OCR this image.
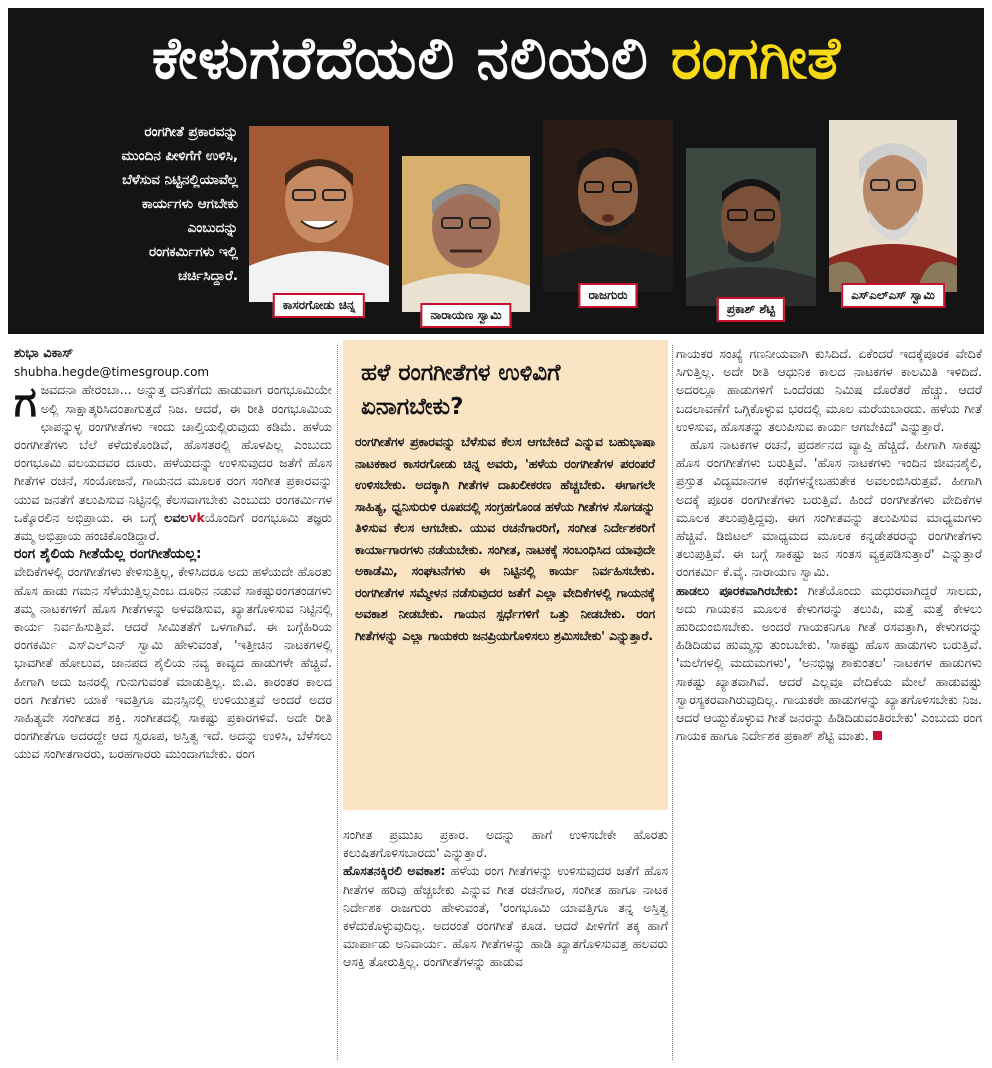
ಕೇಳುಗರೆದೆಯಲಿ ನಲಿಯಲಿ ರಂಗಗೀತೆ
ರಂಗಗೀತೆ ಪ್ರಕಾರವನ್ನು
ಮುಂದಿನ ಪೀಳಿಗೆಗೆ ಉಳಿಸಿ,
ಬೆಳೆಸುವ ನಿಟ್ಟಿನಲ್ಲಿಯಾವೆಲ್ಲ
ಕಾರ್ಯಗಳು ಆಗಬೇಕು
ಎಂಬುದನ್ನು
ರಂಗಕರ್ಮಿಗಳು ಇಲ್ಲಿ
ಚರ್ಚಿಸಿದ್ದಾರೆ.
ಕಾಸರಗೋಡು ಚಿನ್ನ
ನಾರಾಯಣ ಸ್ವಾಮಿ
ರಾಜಗುರು
ಪ್ರಕಾಶ್ ಶೆಟ್ಟಿ
ಎಸ್‌ಎಲ್‌ಎಸ್ ಸ್ವಾಮಿ

ಶುಭಾ ವಿಕಾಸ್

shubha.hegde@timesgroup.com

ಗಜವದನಾ ಹೇರಂಬಾ... ಅನ್ನುತ್ತ ದನಿತೆಗೆದು ಹಾಡುವಾಗ ರಂಗಭೂಮಿಯೇ ಅಲ್ಲಿ ಸಾಕ್ಷಾತ್ಕರಿಸಿದಂತಾಗುತ್ತದೆ ನಿಜ. ಆದರೆ, ಈ ರೀತಿ ರಂಗಭೂಮಿಯ ಛಾಪನ್ನುಳ್ಳ ರಂಗಗೀತೆಗಳು ಇಂದು ಚಾಲ್ತಿಯಲ್ಲಿರುವುದು ಕಡಿಮೆ. ಹಳೆಯ ರಂಗಗೀತೆಗಳು ಬೆಲೆ ಕಳೆದುಕೊಂಡಿವೆ, ಹೊಸತರಲ್ಲಿ ಹೊಳಪಿಲ್ಲ ಎಂಬುದು ರಂಗಭೂಮಿ ವಲಯದವರ ದೂರು. ಹಳೆಯದನ್ನು ಉಳಿಸುವುದರ ಜತೆಗೆ ಹೊಸ ಗೀತೆಗಳ ರಚನೆ, ಸಂಯೋಜನೆ, ಗಾಯನದ ಮೂಲಕ ರಂಗ ಸಂಗೀತ ಪ್ರಕಾರವನ್ನು ಯುವ ಜನತೆಗೆ ತಲುಪಿಸುವ ನಿಟ್ಟಿನಲ್ಲಿ ಕೆಲಸವಾಗಬೇಕು ಎಂಬುದು ರಂಗಕರ್ಮಿಗಳ ಒಕ್ಕೊರಲಿನ ಅಭಿಪ್ರಾಯ. ಈ ಬಗ್ಗೆ ಲವಲvkಯೊಂದಿಗೆ ರಂಗಭೂಮಿ ತಜ್ಞರು ತಮ್ಮ ಅಭಿಪ್ರಾಯ ಹಂಚಿಕೊಂಡಿದ್ದಾರೆ.

ರಂಗ ಶೈಲಿಯ ಗೀತೆಯೆಲ್ಲ ರಂಗಗೀತೆಯಲ್ಲ:

ವೇದಿಕೆಗಳಲ್ಲಿ ರಂಗಗೀತೆಗಳು ಕೇಳಿಸುತ್ತಿಲ್ಲ, ಕೇಳಿಸಿದರೂ ಅದು ಹಳೆಯದೇ ಹೊರತು ಹೊಸ ಹಾಡು ಗಮನ ಸೆಳೆಯುತ್ತಿಲ್ಲಎಂಬ ದೂರಿನ ನಡುವೆ ಸಾಕಷ್ಟುರಂಗತಂಡಗಳು ತಮ್ಮ ನಾಟಕಗಳಿಗೆ ಹೊಸ ಗೀತೆಗಳನ್ನು ಅಳವಡಿಸುವ, ಖ್ಯಾತಗೊಳಿಸುವ ನಿಟ್ಟಿನಲ್ಲಿ ಕಾರ್ಯ ನಿರ್ವಹಿಸುತ್ತಿವೆ. ಆದರೆ ಸೀಮಿತತೆಗೆ ಒಳಗಾಗಿವೆ. ಈ ಬಗ್ಗೆಹಿರಿಯ ರಂಗಕರ್ಮಿ ಎಸ್‌ಎಲ್‌ಎನ್ ಸ್ವಾಮಿ ಹೇಳುವಂತೆ, 'ಇತ್ತೀಚಿನ ನಾಟಕಗಳಲ್ಲಿ ಭಾವಗೀತೆ ಹೋಲುವ, ಜಾನಪದ ಶೈಲಿಯ ನವ್ಯ ಕಾವ್ಯದ ಹಾಡುಗಳೇ ಹೆಚ್ಚಿವೆ. ಹೀಗಾಗಿ ಅದು ಜನರಲ್ಲಿ ಗುನುಗುವಂತೆ ಮಾಡುತ್ತಿಲ್ಲ. ಬಿ.ವಿ. ಕಾರಂತರ ಕಾಲದ ರಂಗ ಗೀತೆಗಳು ಯಾಕೆ ಇವತ್ತಿಗೂ ಮನಸ್ಸಿನಲ್ಲಿ ಉಳಿಯುತ್ತವೆ ಅಂದರೆ ಅದರ ಸಾಹಿತ್ಯವೇ ಸಂಗೀತದ ಶಕ್ತಿ. ಸಂಗೀತದಲ್ಲಿ ಸಾಕಷ್ಟು ಪ್ರಕಾರಗಳಿವೆ. ಅದೇ ರೀತಿ ರಂಗಗೀತೆಗೂ ಅದರದ್ದೇ ಆದ ಸ್ವರೂಪ, ಅಸ್ತಿತ್ವ ಇದೆ. ಅದನ್ನು ಉಳಿಸಿ, ಬೆಳೆಸಲು ಯುವ ಸಂಗೀತಗಾರರು, ಬರಹಗಾರರು ಮುಂದಾಗಬೇಕು. ರಂಗ

ಹಳೆ ರಂಗಗೀತೆಗಳ ಉಳಿವಿಗೆ ಏನಾಗಬೇಕು?
ರಂಗಗೀತೆಗಳ ಪ್ರಕಾರವನ್ನು ಬೆಳೆಸುವ ಕೆಲಸ ಆಗಬೇಕಿದೆ ಎನ್ನುವ ಬಹುಭಾಷಾ ನಾಟಕಕಾರ ಕಾಸರಗೋಡು ಚಿನ್ನ ಅವರು, 'ಹಳೆಯ ರಂಗಗೀತೆಗಳ ಪರಂಪರೆ ಉಳಿಸಬೇಕು. ಅದಕ್ಕಾಗಿ ಗೀತೆಗಳ ದಾಖಲೀಕರಣ ಹೆಚ್ಚಬೇಕು. ಈಗಾಗಲೇ ಸಾಹಿತ್ಯ, ಧ್ವನಿಸುರುಳಿ ರೂಪದಲ್ಲಿ ಸಂಗ್ರಹಗೊಂಡ ಹಳೆಯ ಗೀತೆಗಳ ಸೊಗಡನ್ನು ತಿಳಿಸುವ ಕೆಲಸ ಆಗಬೇಕು. ಯುವ ರಚನೆಗಾರರಿಗೆ, ಸಂಗೀತ ನಿರ್ದೇಶಕರಿಗೆ ಕಾರ್ಯಾಗಾರಗಳು ನಡೆಯಬೇಕು. ಸಂಗೀತ, ನಾಟಕಕ್ಕೆ ಸಂಬಂಧಿಸಿದ ಯಾವುದೇ ಅಕಾಡೆಮಿ, ಸಂಘಟನೆಗಳು ಈ ನಿಟ್ಟಿನಲ್ಲಿ ಕಾರ್ಯ ನಿರ್ವಹಿಸಬೇಕು. ರಂಗಗೀತೆಗಳ ಸಮ್ಮೇಳನ ನಡೆಸುವುದರ ಜತೆಗೆ ಎಲ್ಲಾ ವೇದಿಕೆಗಳಲ್ಲಿ ಗಾಯನಕ್ಕೆ ಅವಕಾಶ ನೀಡಬೇಕು. ಗಾಯನ ಸ್ಪರ್ಧೆಗಳಿಗೆ ಒತ್ತು ನೀಡಬೇಕು. ರಂಗ ಗೀತೆಗಳನ್ನು ಎಲ್ಲಾ ಗಾಯಕರು ಜನಪ್ರಿಯಗೊಳಿಸಲು ಶ್ರಮಿಸಬೇಕು' ಎನ್ನುತ್ತಾರೆ.

ಸಂಗೀತ ಪ್ರಮುಖ ಪ್ರಕಾರ. ಅದನ್ನು ಹಾಗೆ ಉಳಿಸಬೇಕೇ ಹೊರತು ಕಲುಷಿತಗೊಳಿಸಬಾರದು' ಎನ್ನುತ್ತಾರೆ.

ಹೊಸತನಕ್ಕಿರಲಿ ಅವಕಾಶ: ಹಳೆಯ ರಂಗ ಗೀತೆಗಳನ್ನು ಉಳಿಸುವುದರ ಜತೆಗೆ ಹೊಸ ಗೀತೆಗಳ ಹರಿವು ಹೆಚ್ಚಬೇಕು ಎನ್ನುವ ಗೀತ ರಚನೆಗಾರ, ಸಂಗೀತ ಹಾಗೂ ನಾಟಕ ನಿರ್ದೇಶಕ ರಾಜಗುರು ಹೇಳುವಂತೆ, 'ರಂಗಭೂಮಿ ಯಾವತ್ತಿಗೂ ತನ್ನ ಅಸ್ತಿತ್ವ ಕಳೆದುಕೊಳ್ಳುವುದಿಲ್ಲ. ಅದರಂತೆ ರಂಗಗೀತೆ ಕೂಡ. ಆದರೆ ಪೀಳಿಗೆಗೆ ತಕ್ಕ ಹಾಗೆ ಮಾರ್ಪಾಡು ಅನಿವಾರ್ಯ. ಹೊಸ ಗೀತೆಗಳನ್ನು ಹಾಡಿ ಖ್ಯಾತಗೊಳಿಸುವತ್ತ ಹಲವರು ಆಸಕ್ತಿ ತೋರುತ್ತಿಲ್ಲ. ರಂಗಗೀತೆಗಳನ್ನು ಹಾಡುವ

ಗಾಯಕರ ಸಂಖ್ಯೆ ಗಣನೀಯವಾಗಿ ಕುಸಿದಿದೆ. ಏಕೆಂದರೆ ಇದಕ್ಕೆಪೂರಕ ವೇದಿಕೆ ಸಿಗುತ್ತಿಲ್ಲ. ಅದೇ ರೀತಿ ಆಧುನಿಕ ಕಾಲದ ನಾಟಕಗಳ ಕಾಲಮಿತಿ ಇಳಿದಿದೆ. ಅದರಲ್ಲೂ ಹಾಡುಗಳಿಗೆ ಒಂದೆರಡು ನಿಮಿಷ ದೊರೆತರೆ ಹೆಚ್ಚು. ಆದರೆ ಬದಲಾವಣೆಗೆ ಒಗ್ಗಿಕೊಳ್ಳುವ ಭರದಲ್ಲಿ ಮೂಲ ಮರೆಯಬಾರದು. ಹಳೆಯ ಗೀತೆ ಉಳಿಸುವ, ಹೊಸತನ್ನು ತಲುಪಿಸುವ ಕಾರ್ಯ ಆಗಬೇಕಿದೆ' ಎನ್ನುತ್ತಾರೆ.

ಹೊಸ ನಾಟಕಗಳ ರಚನೆ, ಪ್ರದರ್ಶನದ ವ್ಯಾಪ್ತಿ ಹೆಚ್ಚಿದೆ. ಹೀಗಾಗಿ ಸಾಕಷ್ಟು ಹೊಸ ರಂಗಗೀತೆಗಳು ಬರುತ್ತಿವೆ. 'ಹೊಸ ನಾಟಕಗಳು ಇಂದಿನ ಜೀವನಶೈಲಿ, ಪ್ರಸ್ತುತ ವಿದ್ಯಮಾನಗಳ ಕಥೆಗಳನ್ನೇಬಹುತೇಕ ಅವಲಂಬಿಸಿರುತ್ತವೆ. ಹೀಗಾಗಿ ಅದಕ್ಕೆ ಪೂರಕ ರಂಗಗೀತೆಗಳು ಬರುತ್ತಿವೆ. ಹಿಂದೆ ರಂಗಗೀತೆಗಳು ವೇದಿಕೆಗಳ ಮೂಲಕ ತಲುಪುತ್ತಿದ್ದವು. ಈಗ ಸಂಗೀತವನ್ನು ತಲುಪಿಸುವ ಮಾಧ್ಯಮಗಳು ಹೆಚ್ಚಿವೆ. ಡಿಜಿಟಲ್ ಮಾಧ್ಯಮದ ಮೂಲಕ ಕನ್ನಡೇತರರನ್ನು ರಂಗಗೀತೆಗಳು ತಲುಪುತ್ತಿವೆ. ಈ ಬಗ್ಗೆ ಸಾಕಷ್ಟು ಜನ ಸಂತಸ ವ್ಯಕ್ತಪಡಿಸುತ್ತಾರೆ' ಎನ್ನುತ್ತಾರೆ ರಂಗಕರ್ಮಿ ಕೆ.ವೈ. ನಾರಾಯಣ ಸ್ವಾಮಿ.

ಹಾಡಲು ಪೂರಕವಾಗಿರಬೇಕು: ಗೀತೆಯೊಂದು ಮಧುರವಾಗಿದ್ದರೆ ಸಾಲದು, ಅದು ಗಾಯಕನ ಮೂಲಕ ಕೇಳುಗರನ್ನು ತಲುಪಿ, ಮತ್ತೆ ಮತ್ತೆ ಕೇಳಲು ಹುರಿದುಂಬಿಸಬೇಕು. ಅಂದರೆ ಗಾಯಕನಿಗೂ ಗೀತೆ ರಸವತ್ತಾಗಿ, ಕೇಳುಗರನ್ನು ಹಿಡಿದಿಡುವ ಹುಮ್ಮಸ್ಸು ತುಂಬಬೇಕು. 'ಸಾಕಷ್ಟು ಹೊಸ ಹಾಡುಗಳು ಬರುತ್ತಿವೆ. 'ಮಲೆಗಳಲ್ಲಿ ಮದುಮಗಳು', 'ಅನಭಿಜ್ಞ ಶಾಕುಂತಲ' ನಾಟಕಗಳ ಹಾಡುಗಳು ಸಾಕಷ್ಟು ಖ್ಯಾತವಾಗಿವೆ. ಆದರೆ ಎಲ್ಲವೂ ವೇದಿಕೆಯ ಮೇಲೆ ಹಾಡುವಷ್ಟು ಸ್ವಾರಸ್ಯಕರವಾಗಿರುವುದಿಲ್ಲ. ಗಾಯಕರೇ ಹಾಡುಗಳನ್ನು ಖ್ಯಾತಗೊಳಿಸಬೇಕು ನಿಜ. ಆದರೆ ಆಯ್ದುಕೊಳ್ಳುವ ಗೀತೆ ಜನರನ್ನು ಹಿಡಿದಿಡುವಂತಿರಬೇಕು' ಎಂಬುದು ರಂಗ ಗಾಯಕ ಹಾಗೂ ನಿರ್ದೇಶಕ ಪ್ರಕಾಶ್ ಶೆಟ್ಟಿ ಮಾತು.
